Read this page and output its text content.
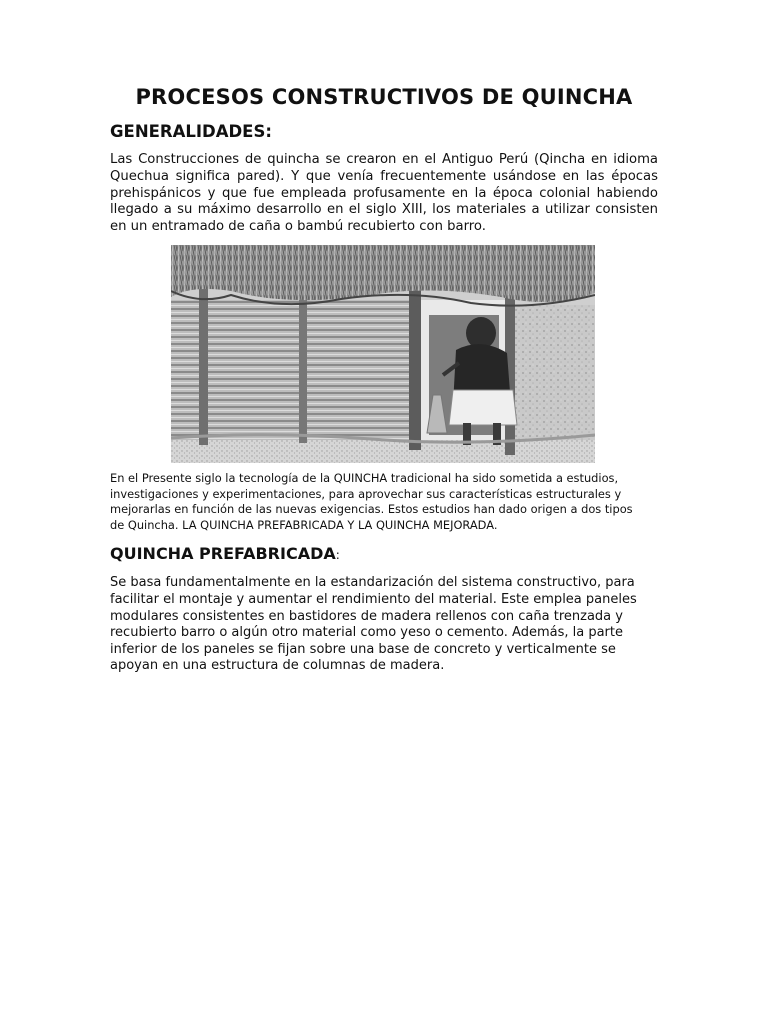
PROCESOS CONSTRUCTIVOS DE QUINCHA
GENERALIDADES:

Las Construcciones de quincha se crearon en el Antiguo Perú (Qincha en idioma Quechua significa pared). Y que venía frecuentemente usándose en las épocas prehispánicos y que fue empleada profusamente en la época colonial habiendo llegado a su máximo desarrollo en el siglo XIII, los materiales a utilizar consisten en un entramado de caña o bambú recubierto con barro.

En el Presente siglo la tecnología de la QUINCHA tradicional ha sido sometida a estudios, investigaciones y experimentaciones, para aprovechar sus características estructurales y mejorarlas en función de las nuevas exigencias. Estos estudios han dado origen a dos tipos de Quincha. LA QUINCHA PREFABRICADA Y LA QUINCHA MEJORADA.

QUINCHA PREFABRICADA:

Se basa fundamentalmente en la estandarización del sistema constructivo, para facilitar el montaje y aumentar el rendimiento del material. Este emplea paneles modulares consistentes en bastidores de madera rellenos con caña trenzada y recubierto barro o algún otro material como yeso o cemento. Además, la parte inferior de los paneles se fijan sobre una base de concreto y verticalmente se apoyan en una estructura de columnas de madera.
